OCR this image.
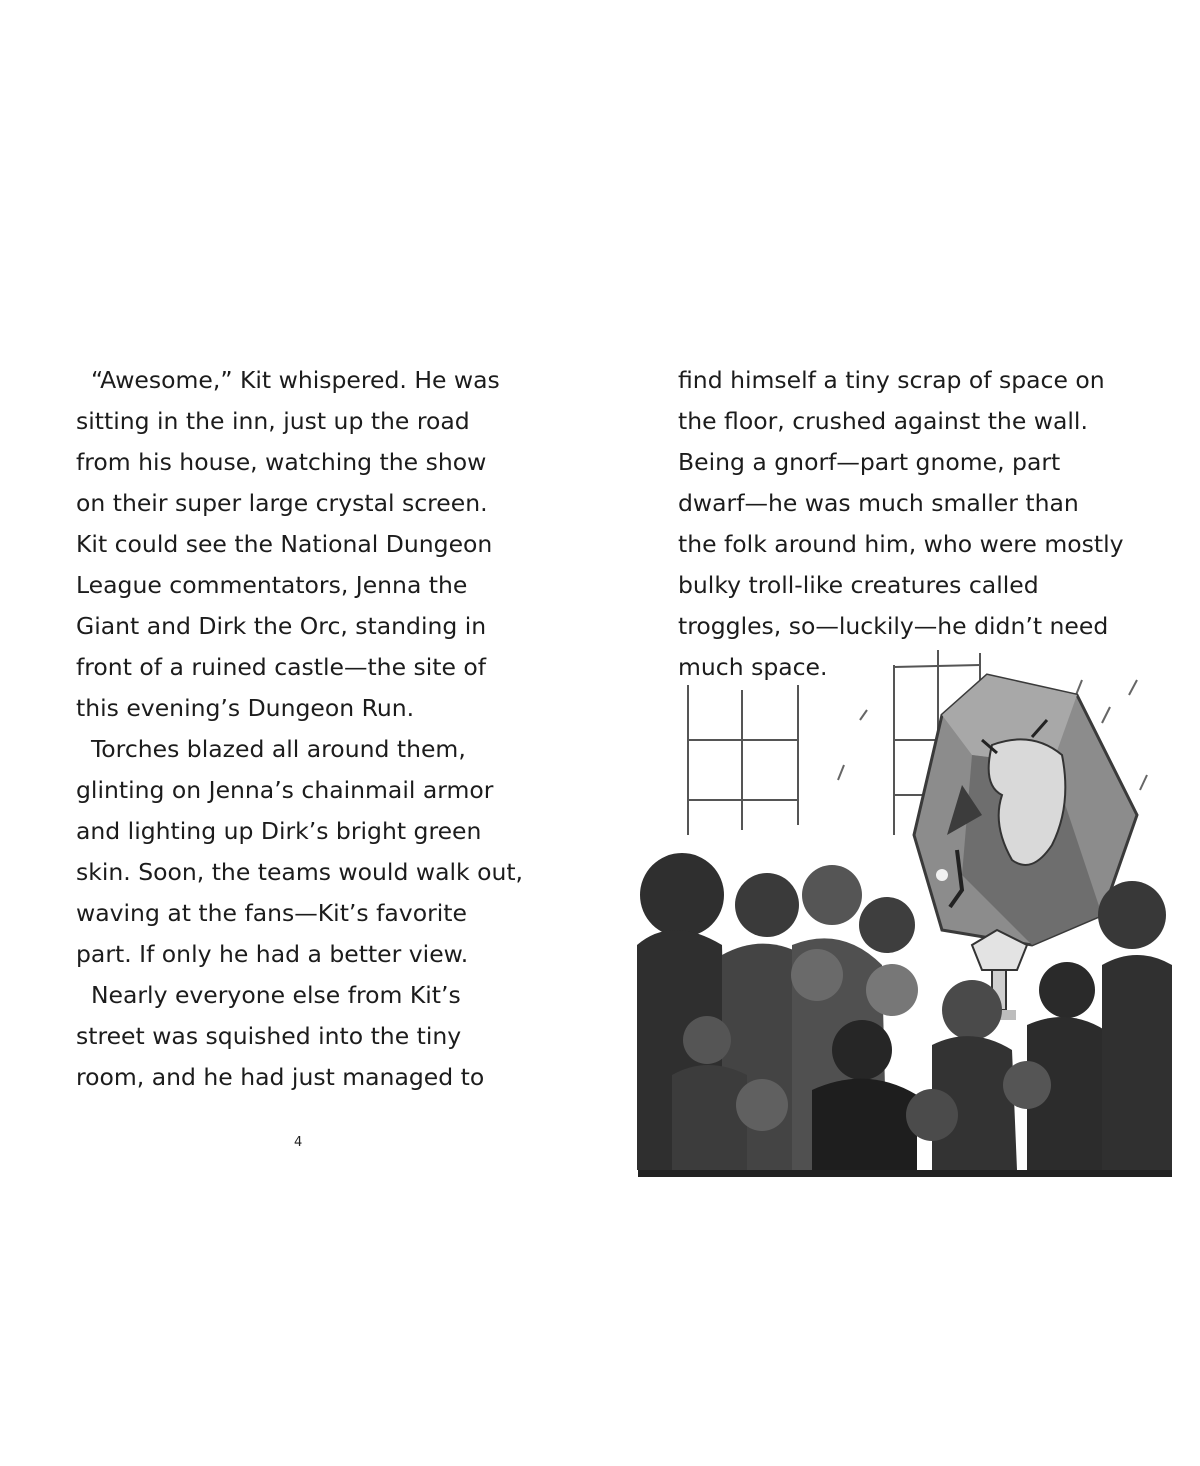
“Awesome,” Kit whispered. He was
sitting in the inn, just up the road
from his house, watching the show
on their super large crystal screen.
Kit could see the National Dungeon
League commentators, Jenna the
Giant and Dirk the Orc, standing in
front of a ruined castle—the site of
this evening’s Dungeon Run.
Torches blazed all around them,
glinting on Jenna’s chainmail armor
and lighting up Dirk’s bright green
skin. Soon, the teams would walk out,
waving at the fans—Kit’s favorite
part. If only he had a better view.
Nearly everyone else from Kit’s
street was squished into the tiny
room, and he had just managed to
4
find himself a tiny scrap of space on
the floor, crushed against the wall.
Being a gnorf—part gnome, part
dwarf—he was much smaller than
the folk around him, who were mostly
bulky troll-like creatures called
troggles, so—luckily—he didn’t need
much space.
